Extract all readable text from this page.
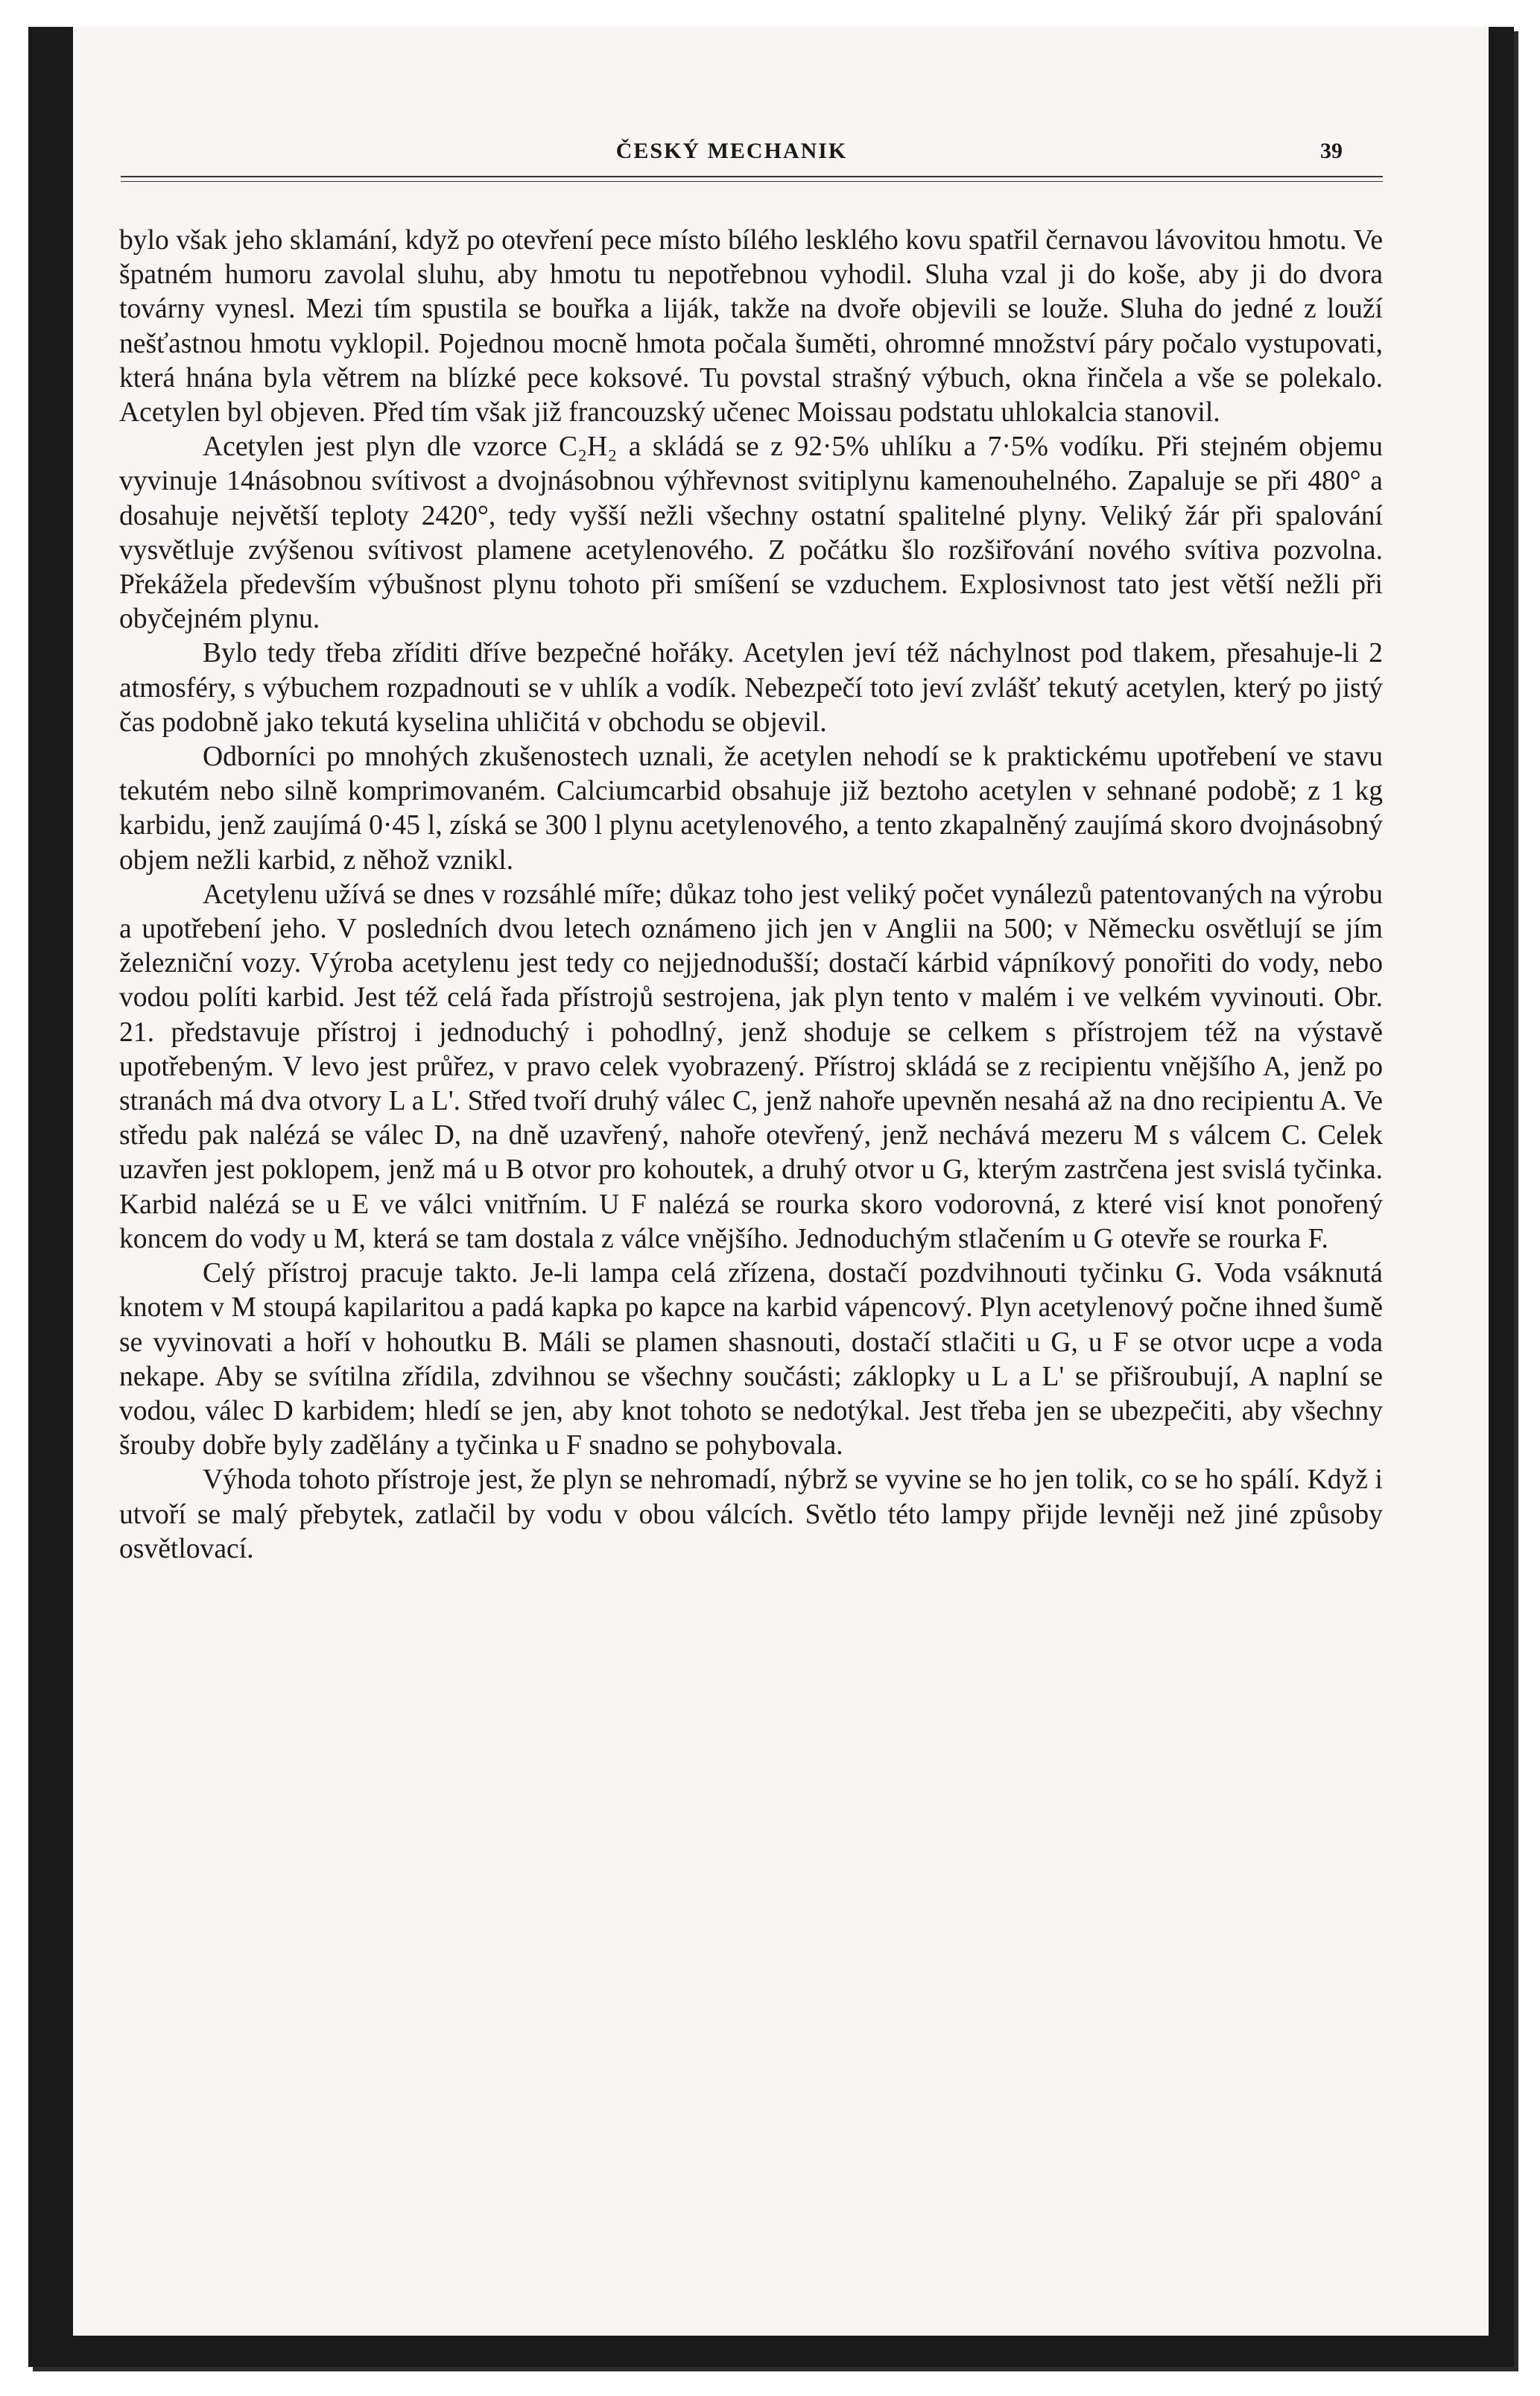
ČESKÝ MECHANIK	39

bylo však jeho sklamání, když po otevření pece místo bílého lesklého kovu spatřil černavou lávovitou hmotu. Ve špatném humoru zavolal sluhu, aby hmotu tu nepotřebnou vyhodil. Sluha vzal ji do koše, aby ji do dvora továrny vynesl. Mezi tím spustila se bouřka a liják, takže na dvoře objevili se louže. Sluha do jedné z louží nešťastnou hmotu vyklopil. Pojednou mocně hmota počala šuměti, ohromné množství páry počalo vystupovati, která hnána byla větrem na blízké pece koksové. Tu povstal strašný výbuch, okna řinčela a vše se polekalo. Acetylen byl objeven. Před tím však již francouzský učenec Moissau podstatu uhlokalcia stanovil.

Acetylen jest plyn dle vzorce C₂H₂ a skládá se z 92·5% uhlíku a 7·5% vodíku. Při stejném objemu vyvinuje 14násobnou svítivost a dvojnásobnou výhřevnost svitiplynu kamenouhelného. Zapaluje se při 480° a dosahuje největší teploty 2420°, tedy vyšší nežli všechny ostatní spalitelné plyny. Veliký žár při spalování vysvětluje zvýšenou svítivost plamene acetylenového. Z počátku šlo rozšiřování nového svítiva pozvolna. Překážela především výbušnost plynu tohoto při smíšení se vzduchem. Explosivnost tato jest větší nežli při obyčejném plynu.

Bylo tedy třeba zříditi dříve bezpečné hořáky. Acetylen jeví též náchylnost pod tlakem, přesahuje-li 2 atmosféry, s výbuchem rozpadnouti se v uhlík a vodík. Nebezpečí toto jeví zvlášť tekutý acetylen, který po jistý čas podobně jako tekutá kyselina uhličitá v obchodu se objevil.

Odborníci po mnohých zkušenostech uznali, že acetylen nehodí se k praktickému upotřebení ve stavu tekutém nebo silně komprimovaném. Calciumcarbid obsahuje již beztoho acetylen v sehnané podobě; z 1 kg karbidu, jenž zaujímá 0·45 l, získá se 300 l plynu acetylenového, a tento zkapalněný zaujímá skoro dvojnásobný objem nežli karbid, z něhož vznikl.

Acetylenu užívá se dnes v rozsáhlé míře; důkaz toho jest veliký počet vynálezů patentovaných na výrobu a upotřebení jeho. V posledních dvou letech oznámeno jich jen v Anglii na 500; v Německu osvětlují se jím železniční vozy. Výroba acetylenu jest tedy co nejjednodušší; dostačí kárbid vápníkový ponořiti do vody, nebo vodou políti karbid. Jest též celá řada přístrojů sestrojena, jak plyn tento v malém i ve velkém vyvinouti. Obr. 21. představuje přístroj i jednoduchý i pohodlný, jenž shoduje se celkem s přístrojem též na výstavě upotřebeným. V levo jest průřez, v pravo celek vyobrazený. Přístroj skládá se z recipientu vnějšího A, jenž po stranách má dva otvory L a L'. Střed tvoří druhý válec C, jenž nahoře upevněn nesahá až na dno recipientu A. Ve středu pak nalézá se válec D, na dně uzavřený, nahoře otevřený, jenž nechává mezeru M s válcem C. Celek uzavřen jest poklopem, jenž má u B otvor pro kohoutek, a druhý otvor u G, kterým zastrčena jest svislá tyčinka. Karbid nalézá se u E ve válci vnitřním. U F nalézá se rourka skoro vodorovná, z které visí knot ponořený koncem do vody u M, která se tam dostala z válce vnějšího. Jednoduchým stlačením u G otevře se rourka F.

Celý přístroj pracuje takto. Je-li lampa celá zřízena, dostačí pozdvihnouti tyčinku G. Voda vsáknutá knotem v M stoupá kapilaritou a padá kapka po kapce na karbid vápencový. Plyn acetylenový počne ihned šumě se vyvinovati a hoří v hohoutku B. Máli se plamen shasnouti, dostačí stlačiti u G, u F se otvor ucpe a voda nekape. Aby se svítilna zřídila, zdvihnou se všechny součásti; záklopky u L a L' se přišroubují, A naplní se vodou, válec D karbidem; hledí se jen, aby knot tohoto se nedotýkal. Jest třeba jen se ubezpečiti, aby všechny šrouby dobře byly zadělány a tyčinka u F snadno se pohybovala.

Výhoda tohoto přístroje jest, že plyn se nehromadí, nýbrž se vyvine se ho jen tolik, co se ho spálí. Když i utvoří se malý přebytek, zatlačil by vodu v obou válcích. Světlo této lampy přijde levněji než jiné způsoby osvětlovací.
